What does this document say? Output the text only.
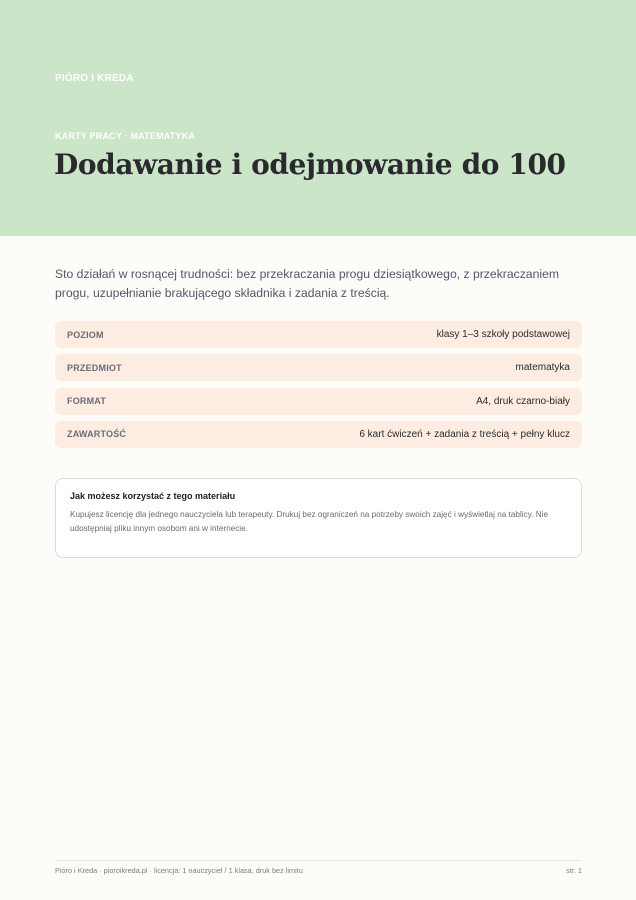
PIÓRO I KREDA
KARTY PRACY · MATEMATYKA
Dodawanie i odejmowanie do 100

Sto działań w rosnącej trudności: bez przekraczania progu dziesiątkowego, z przekraczaniem progu, uzupełnianie brakującego składnika i zadania z treścią.

POZIOM	klasy 1–3 szkoły podstawowej
PRZEDMIOT	matematyka
FORMAT	A4, druk czarno-biały
ZAWARTOŚĆ	6 kart ćwiczeń + zadania z treścią + pełny klucz
Jak możesz korzystać z tego materiału

Kupujesz licencję dla jednego nauczyciela lub terapeuty. Drukuj bez ograniczeń na potrzeby swoich zajęć i wyświetlaj na tablicy. Nie udostępniaj pliku innym osobom ani w internecie.

Pióro i Kreda · pioroikreda.pl · licencja: 1 nauczyciel / 1 klasa, druk bez limitu	str. 1
